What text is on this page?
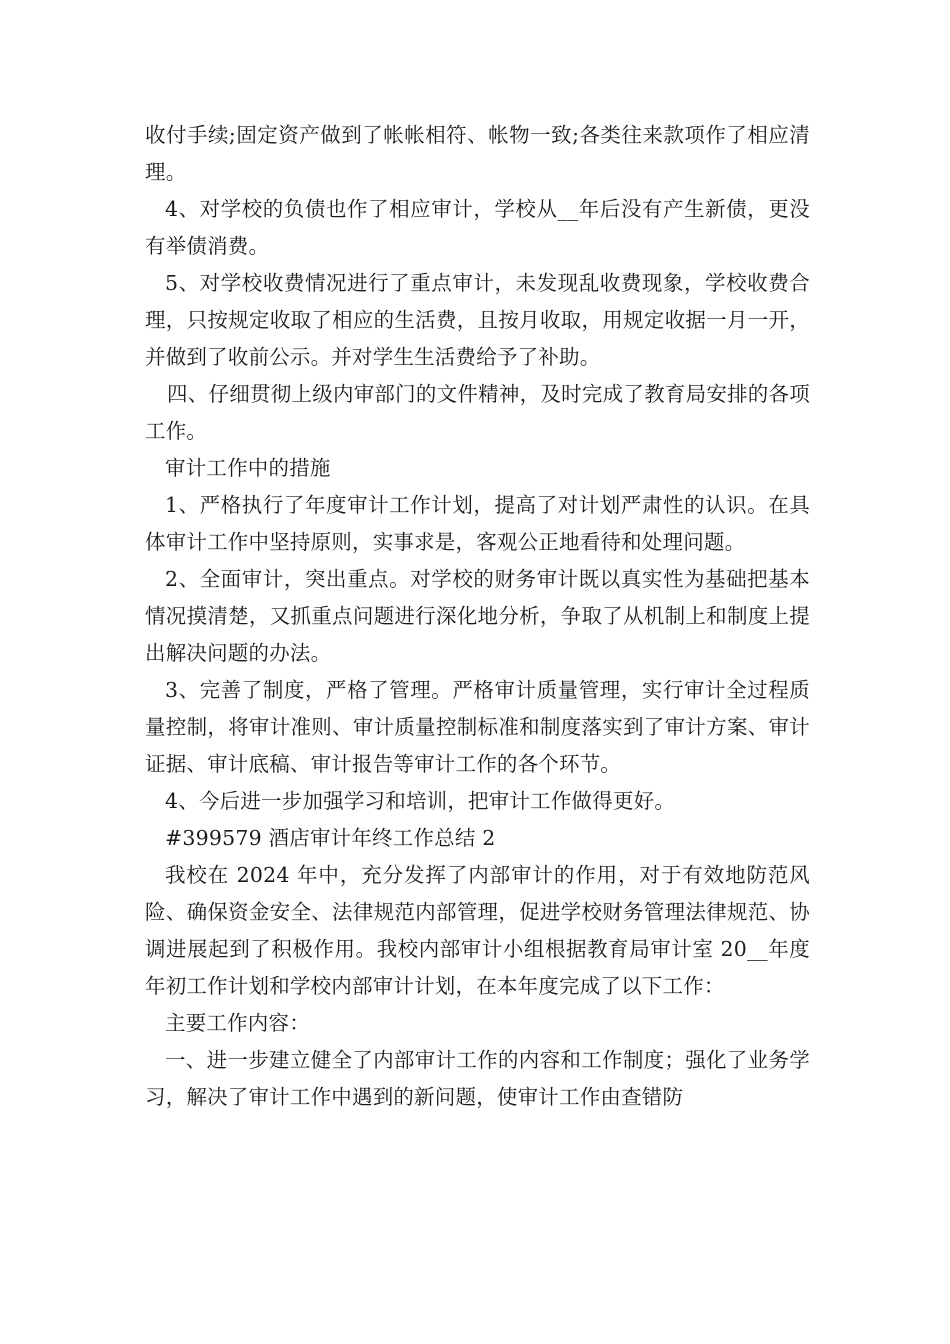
收付手续;固定资产做到了帐帐相符、帐物一致;各类往来款项作了相应清理。

4、对学校的负债也作了相应审计，学校从__年后没有产生新债，更没有举债消费。

5、对学校收费情况进行了重点审计，未发现乱收费现象，学校收费合理，只按规定收取了相应的生活费，且按月收取，用规定收据一月一开，并做到了收前公示。并对学生生活费给予了补助。

四、仔细贯彻上级内审部门的文件精神，及时完成了教育局安排的各项工作。

审计工作中的措施

1、严格执行了年度审计工作计划，提高了对计划严肃性的认识。在具体审计工作中坚持原则，实事求是，客观公正地看待和处理问题。

2、全面审计，突出重点。对学校的财务审计既以真实性为基础把基本情况摸清楚，又抓重点问题进行深化地分析，争取了从机制上和制度上提出解决问题的办法。

3、完善了制度，严格了管理。严格审计质量管理，实行审计全过程质量控制，将审计准则、审计质量控制标准和制度落实到了审计方案、审计证据、审计底稿、审计报告等审计工作的各个环节。

4、今后进一步加强学习和培训，把审计工作做得更好。

#399579 酒店审计年终工作总结 2

我校在 2024 年中，充分发挥了内部审计的作用，对于有效地防范风险、确保资金安全、法律规范内部管理，促进学校财务管理法律规范、协调进展起到了积极作用。我校内部审计小组根据教育局审计室 20__年度年初工作计划和学校内部审计计划，在本年度完成了以下工作：

主要工作内容：

一、进一步建立健全了内部审计工作的内容和工作制度；强化了业务学习，解决了审计工作中遇到的新问题，使审计工作由查错防
